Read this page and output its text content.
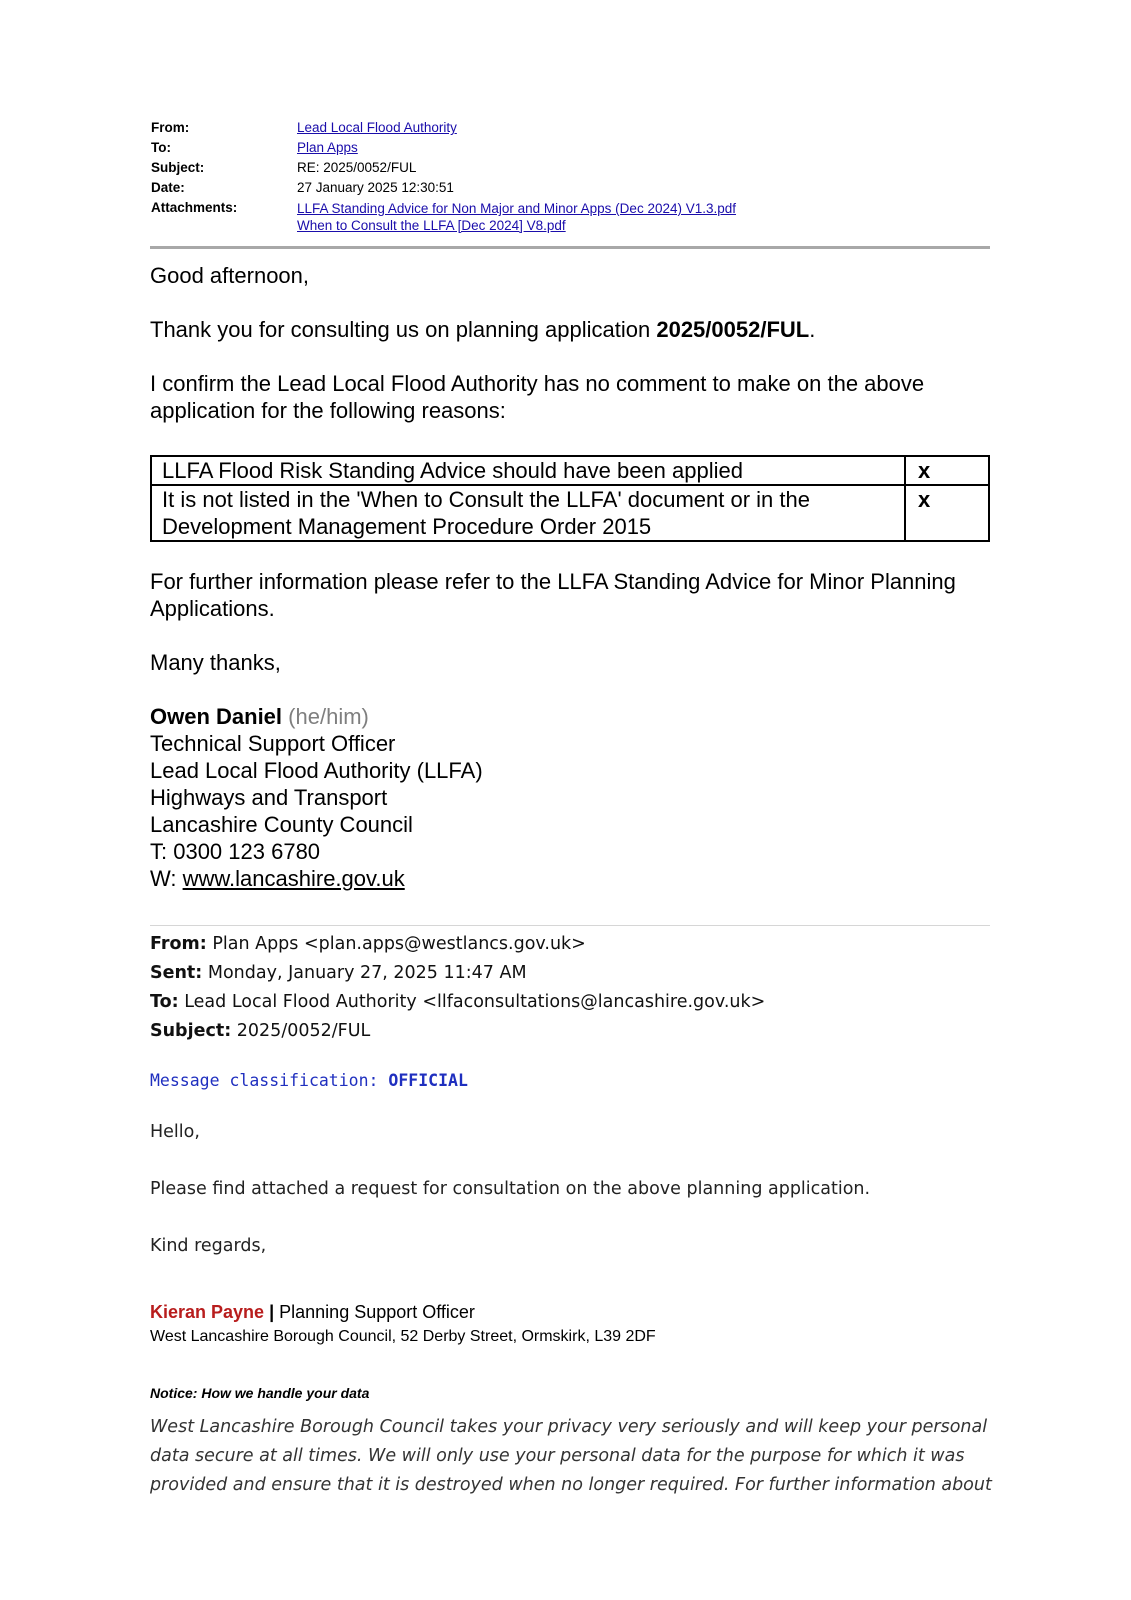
From:	Lead Local Flood Authority
To:	Plan Apps
Subject:	RE: 2025/0052/FUL
Date:	27 January 2025 12:30:51
Attachments:	LLFA Standing Advice for Non Major and Minor Apps (Dec 2024) V1.3.pdf
When to Consult the LLFA [Dec 2024] V8.pdf

Good afternoon,

Thank you for consulting us on planning application 2025/0052/FUL.

I confirm the Lead Local Flood Authority has no comment to make on the above application for the following reasons:

LLFA Flood Risk Standing Advice should have been applied	x
It is not listed in the 'When to Consult the LLFA' document or in the Development Management Procedure Order 2015	x

For further information please refer to the LLFA Standing Advice for Minor Planning Applications.

Many thanks,

Owen Daniel (he/him)

Technical Support Officer

Lead Local Flood Authority (LLFA)

Highways and Transport

Lancashire County Council

T: 0300 123 6780

W: www.lancashire.gov.uk

From: Plan Apps <plan.apps@westlancs.gov.uk>
Sent: Monday, January 27, 2025 11:47 AM
To: Lead Local Flood Authority <llfaconsultations@lancashire.gov.uk>
Subject: 2025/0052/FUL
Message classification: OFFICIAL
Hello,
Please find attached a request for consultation on the above planning application.
Kind regards,
Kieran Payne | Planning Support Officer
West Lancashire Borough Council, 52 Derby Street, Ormskirk, L39 2DF
Notice: How we handle your data
West Lancashire Borough Council takes your privacy very seriously and will keep your personal
data secure at all times. We will only use your personal data for the purpose for which it was
provided and ensure that it is destroyed when no longer required. For further information about
